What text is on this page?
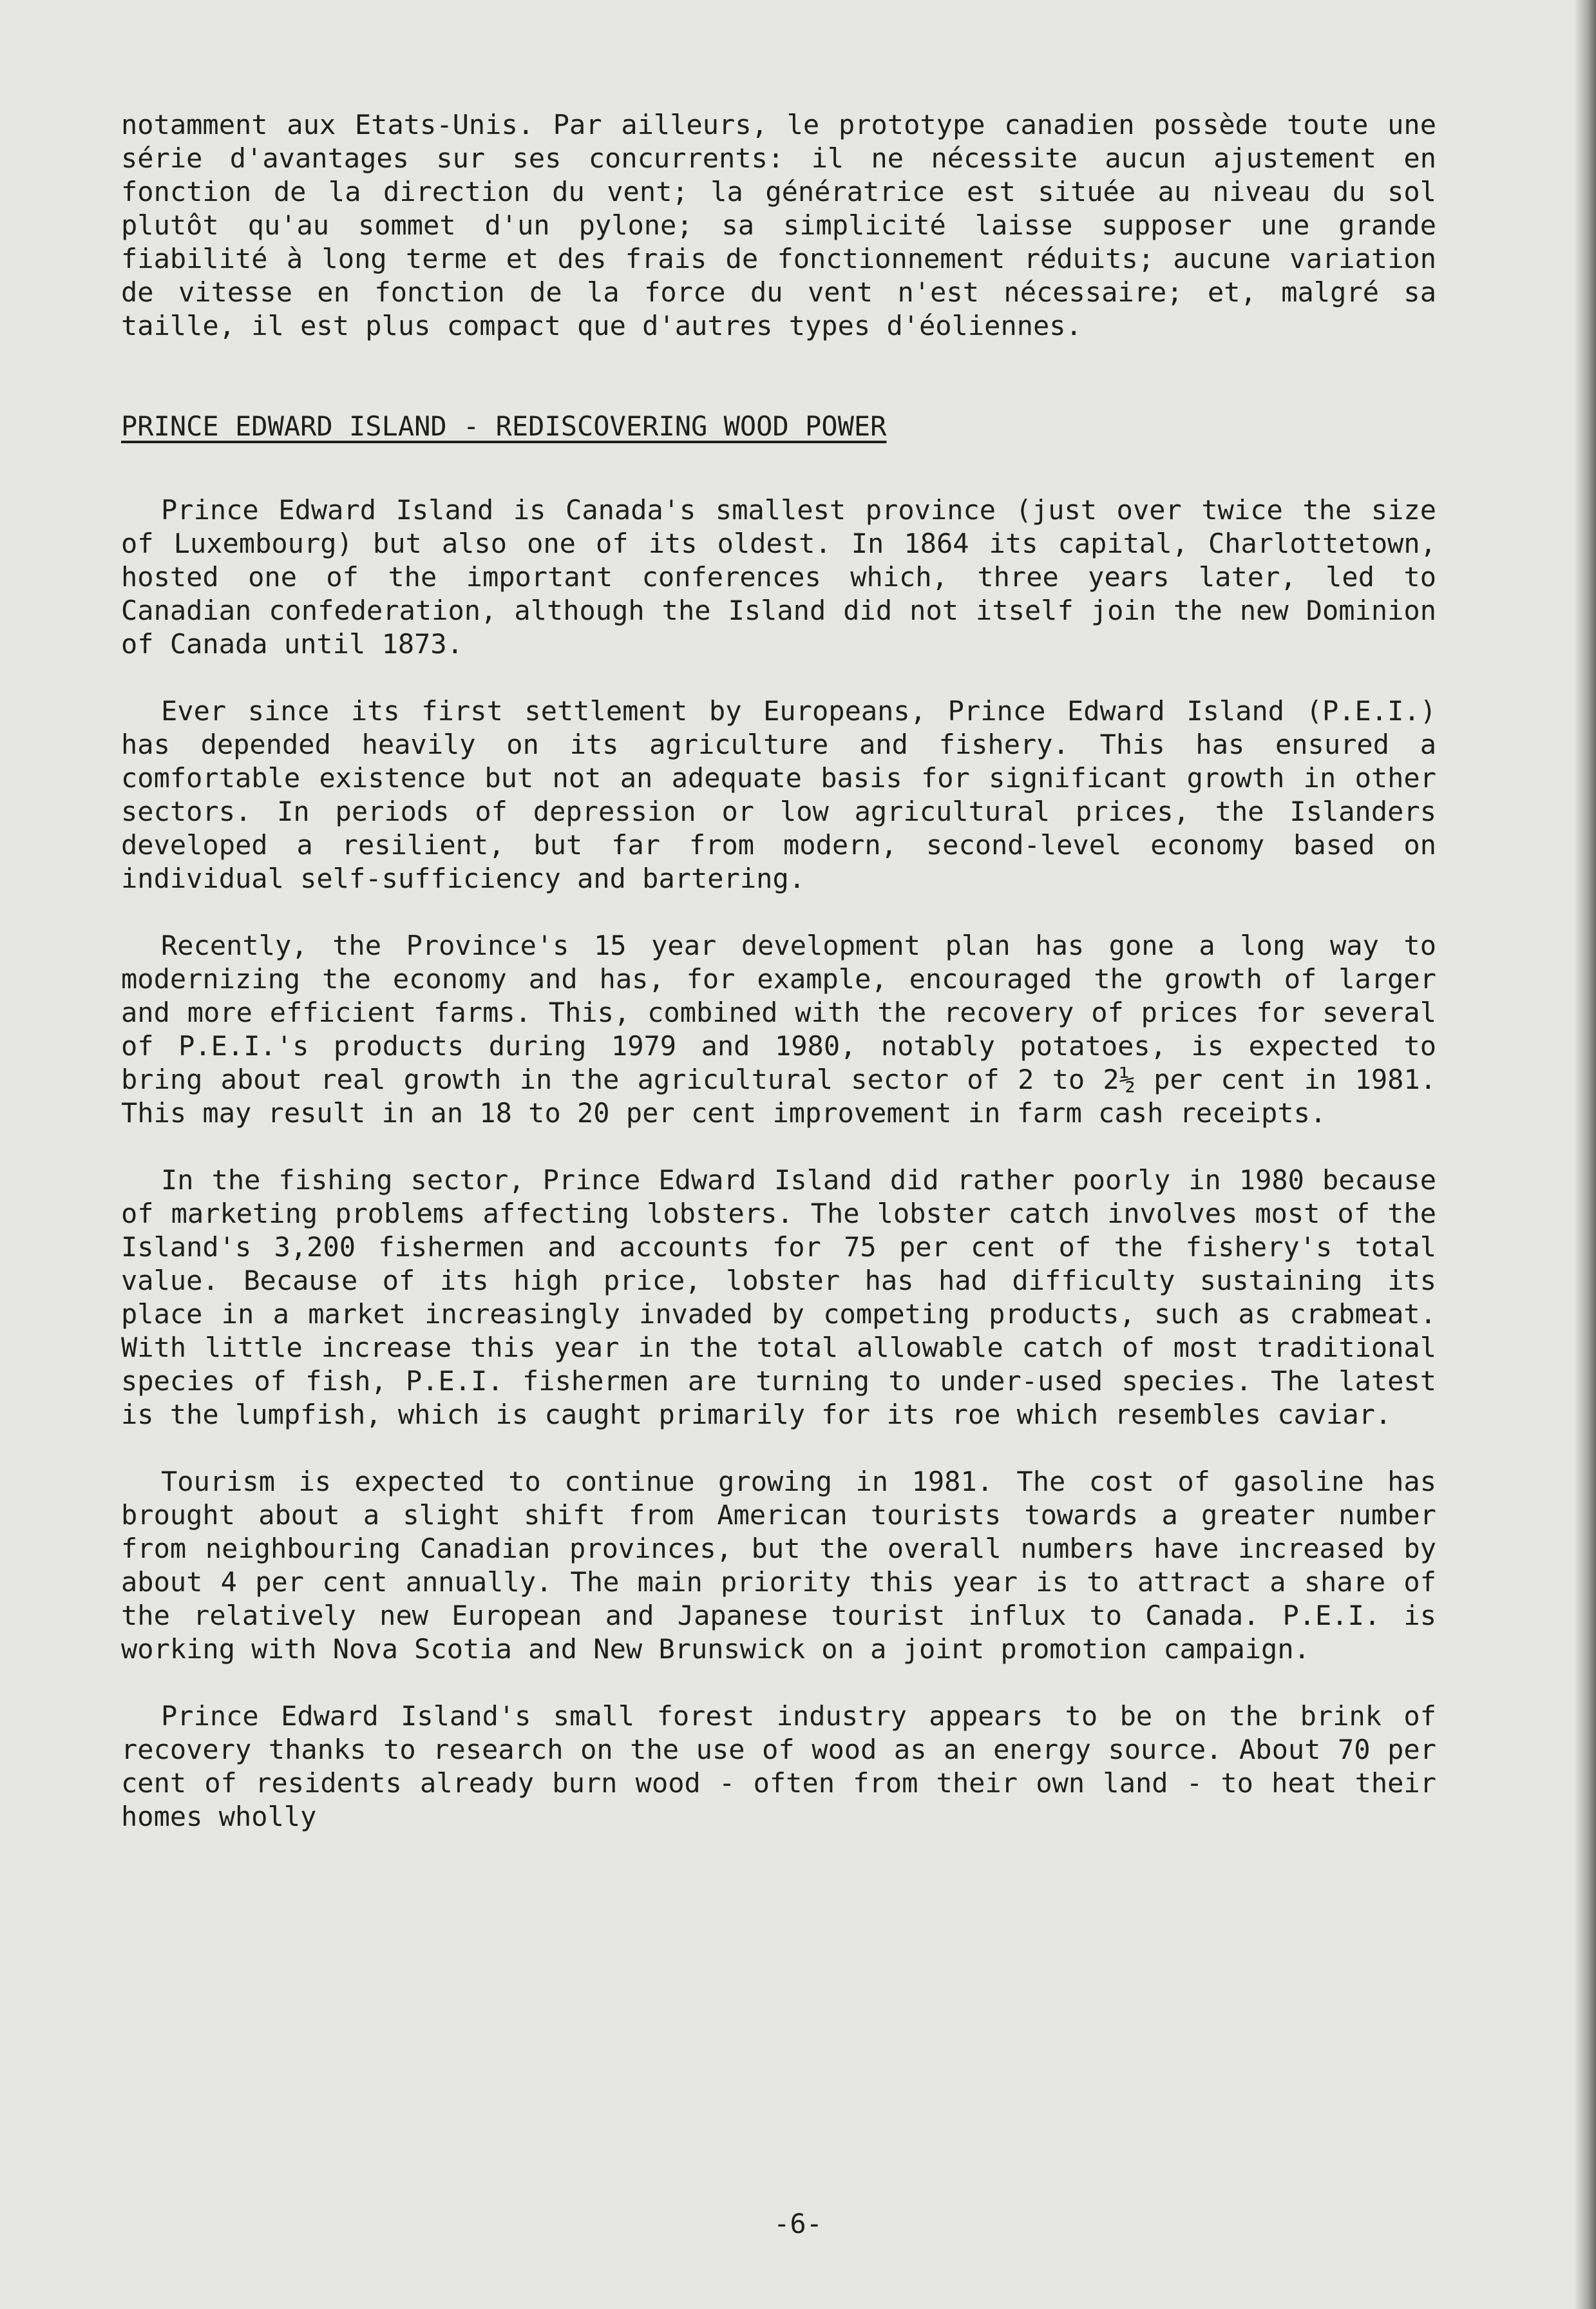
notamment aux Etats-Unis. Par ailleurs, le prototype canadien possède toute une série d'avantages sur ses concurrents: il ne nécessite aucun ajustement en fonction de la direction du vent; la génératrice est située au niveau du sol plutôt qu'au sommet d'un pylone; sa simplicité laisse supposer une grande fiabilité à long terme et des frais de fonctionnement réduits; aucune variation de vitesse en fonction de la force du vent n'est nécessaire; et, malgré sa taille, il est plus compact que d'autres types d'éoliennes.

PRINCE EDWARD ISLAND - REDISCOVERING WOOD POWER

Prince Edward Island is Canada's smallest province (just over twice the size of Luxembourg) but also one of its oldest. In 1864 its capital, Charlottetown, hosted one of the important conferences which, three years later, led to Canadian confederation, although the Island did not itself join the new Dominion of Canada until 1873.

Ever since its first settlement by Europeans, Prince Edward Island (P.E.I.) has depended heavily on its agriculture and fishery. This has ensured a comfortable existence but not an adequate basis for significant growth in other sectors. In periods of depression or low agricultural prices, the Islanders developed a resilient, but far from modern, second-level economy based on individual self-sufficiency and bartering.

Recently, the Province's 15 year development plan has gone a long way to modernizing the economy and has, for example, encouraged the growth of larger and more efficient farms. This, combined with the recovery of prices for several of P.E.I.'s products during 1979 and 1980, notably potatoes, is expected to bring about real growth in the agricultural sector of 2 to 2½ per cent in 1981. This may result in an 18 to 20 per cent improvement in farm cash receipts.

In the fishing sector, Prince Edward Island did rather poorly in 1980 because of marketing problems affecting lobsters. The lobster catch involves most of the Island's 3,200 fishermen and accounts for 75 per cent of the fishery's total value. Because of its high price, lobster has had difficulty sustaining its place in a market increasingly invaded by competing products, such as crabmeat. With little increase this year in the total allowable catch of most traditional species of fish, P.E.I. fishermen are turning to under-used species. The latest is the lumpfish, which is caught primarily for its roe which resembles caviar.

Tourism is expected to continue growing in 1981. The cost of gasoline has brought about a slight shift from American tourists towards a greater number from neighbouring Canadian provinces, but the overall numbers have increased by about 4 per cent annually. The main priority this year is to attract a share of the relatively new European and Japanese tourist influx to Canada. P.E.I. is working with Nova Scotia and New Brunswick on a joint promotion campaign.

Prince Edward Island's small forest industry appears to be on the brink of recovery thanks to research on the use of wood as an energy source. About 70 per cent of residents already burn wood - often from their own land - to heat their homes wholly

-6-
